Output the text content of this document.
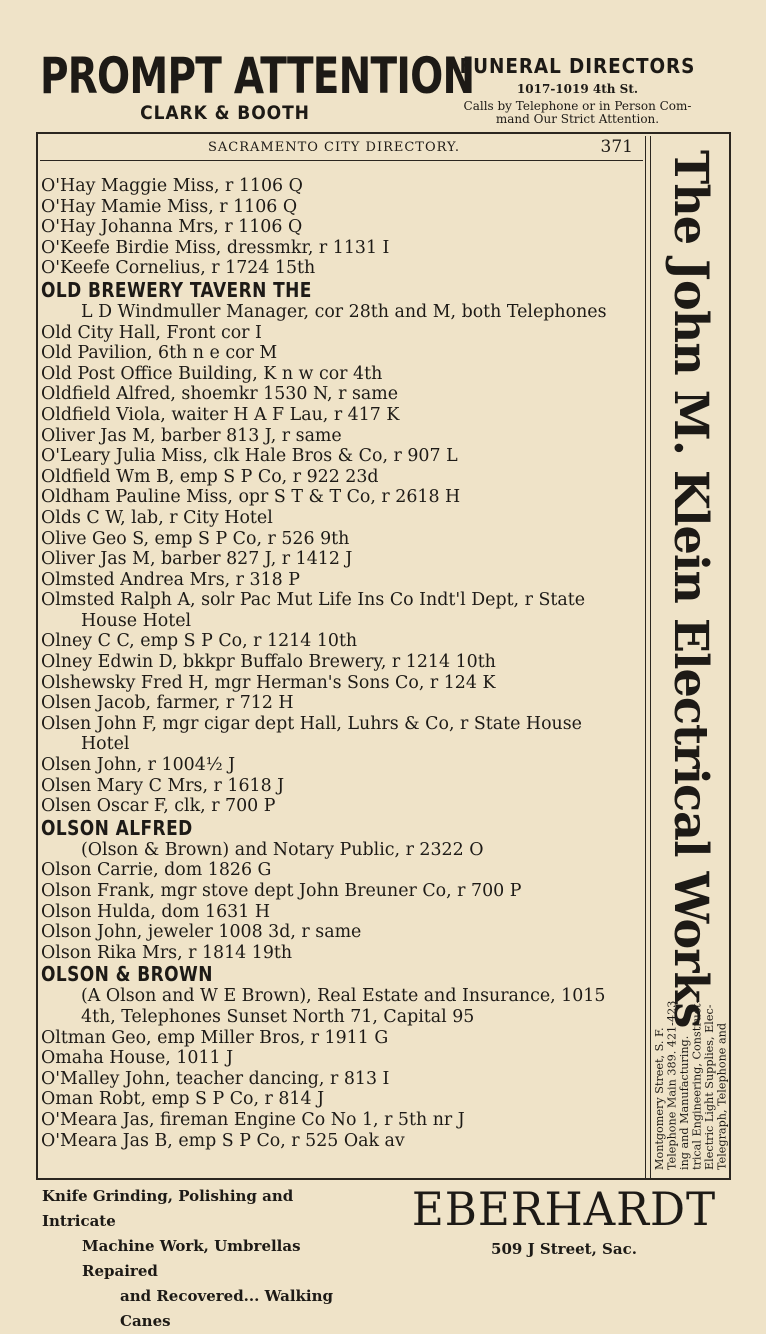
PROMPT ATTENTION
CLARK & BOOTH
FUNERAL DIRECTORS
1017-1019 4th St.
Calls by Telephone or in Person Com-
mand Our Strict Attention.
SACRAMENTO CITY DIRECTORY.	371
O'Hay Maggie Miss, r 1106 Q
O'Hay Mamie Miss, r 1106 Q
O'Hay Johanna Mrs, r 1106 Q
O'Keefe Birdie Miss, dressmkr, r 1131 I
O'Keefe Cornelius, r 1724 15th
OLD BREWERY TAVERN THE
L D Windmuller Manager, cor 28th and M, both Telephones
Old City Hall, Front cor I
Old Pavilion, 6th n e cor M
Old Post Office Building, K n w cor 4th
Oldfield Alfred, shoemkr 1530 N, r same
Oldfield Viola, waiter H A F Lau, r 417 K
Oliver Jas M, barber 813 J, r same
O'Leary Julia Miss, clk Hale Bros & Co, r 907 L
Oldfield Wm B, emp S P Co, r 922 23d
Oldham Pauline Miss, opr S T & T Co, r 2618 H
Olds C W, lab, r City Hotel
Olive Geo S, emp S P Co, r 526 9th
Oliver Jas M, barber 827 J, r 1412 J
Olmsted Andrea Mrs, r 318 P
Olmsted Ralph A, solr Pac Mut Life Ins Co Indt'l Dept, r State
House Hotel
Olney C C, emp S P Co, r 1214 10th
Olney Edwin D, bkkpr Buffalo Brewery, r 1214 10th
Olshewsky Fred H, mgr Herman's Sons Co, r 124 K
Olsen Jacob, farmer, r 712 H
Olsen John F, mgr cigar dept Hall, Luhrs & Co, r State House
Hotel
Olsen John, r 1004½ J
Olsen Mary C Mrs, r 1618 J
Olsen Oscar F, clk, r 700 P
OLSON ALFRED
(Olson & Brown) and Notary Public, r 2322 O
Olson Carrie, dom 1826 G
Olson Frank, mgr stove dept John Breuner Co, r 700 P
Olson Hulda, dom 1631 H
Olson John, jeweler 1008 3d, r same
Olson Rika Mrs, r 1814 19th
OLSON & BROWN
(A Olson and W E Brown), Real Estate and Insurance, 1015
4th, Telephones Sunset North 71, Capital 95
Oltman Geo, emp Miller Bros, r 1911 G
Omaha House, 1011 J
O'Malley John, teacher dancing, r 813 I
Oman Robt, emp S P Co, r 814 J
O'Meara Jas, fireman Engine Co No 1, r 5th nr J
O'Meara Jas B, emp S P Co, r 525 Oak av
The John M. Klein Electrical Works
Telegraph, Telephone and
Electric Light Supplies, Elec-
trical Engineering, Construct-
ing and Manufacturing.
Telephone Main 389. 421-423
Montgomery Street, S. F.
Knife Grinding, Polishing and Intricate
Machine Work, Umbrellas Repaired
and Recovered... Walking Canes
EBERHARDT
509 J Street, Sac.
